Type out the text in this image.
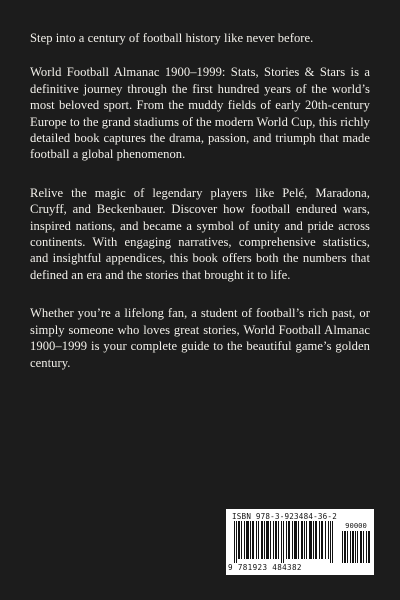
Step into a century of football history like never before.

World Football Almanac 1900–1999: Stats, Stories & Stars is a definitive journey through the first hundred years of the world’s most beloved sport. From the muddy fields of early 20th-century Europe to the grand stadiums of the modern World Cup, this richly detailed book captures the drama, passion, and triumph that made football a global phenomenon.

Relive the magic of legendary players like Pelé, Maradona, Cruyff, and Beckenbauer. Discover how football endured wars, inspired nations, and became a symbol of unity and pride across continents. With engaging narratives, comprehensive statistics, and insightful appendices, this book offers both the numbers that defined an era and the stories that brought it to life.

Whether you’re a lifelong fan, a student of football’s rich past, or simply someone who loves great stories, World Football Almanac 1900–1999 is your complete guide to the beautiful game’s golden century.

ISBN 978-3-923484-36-2
90000
9 781923 484382
